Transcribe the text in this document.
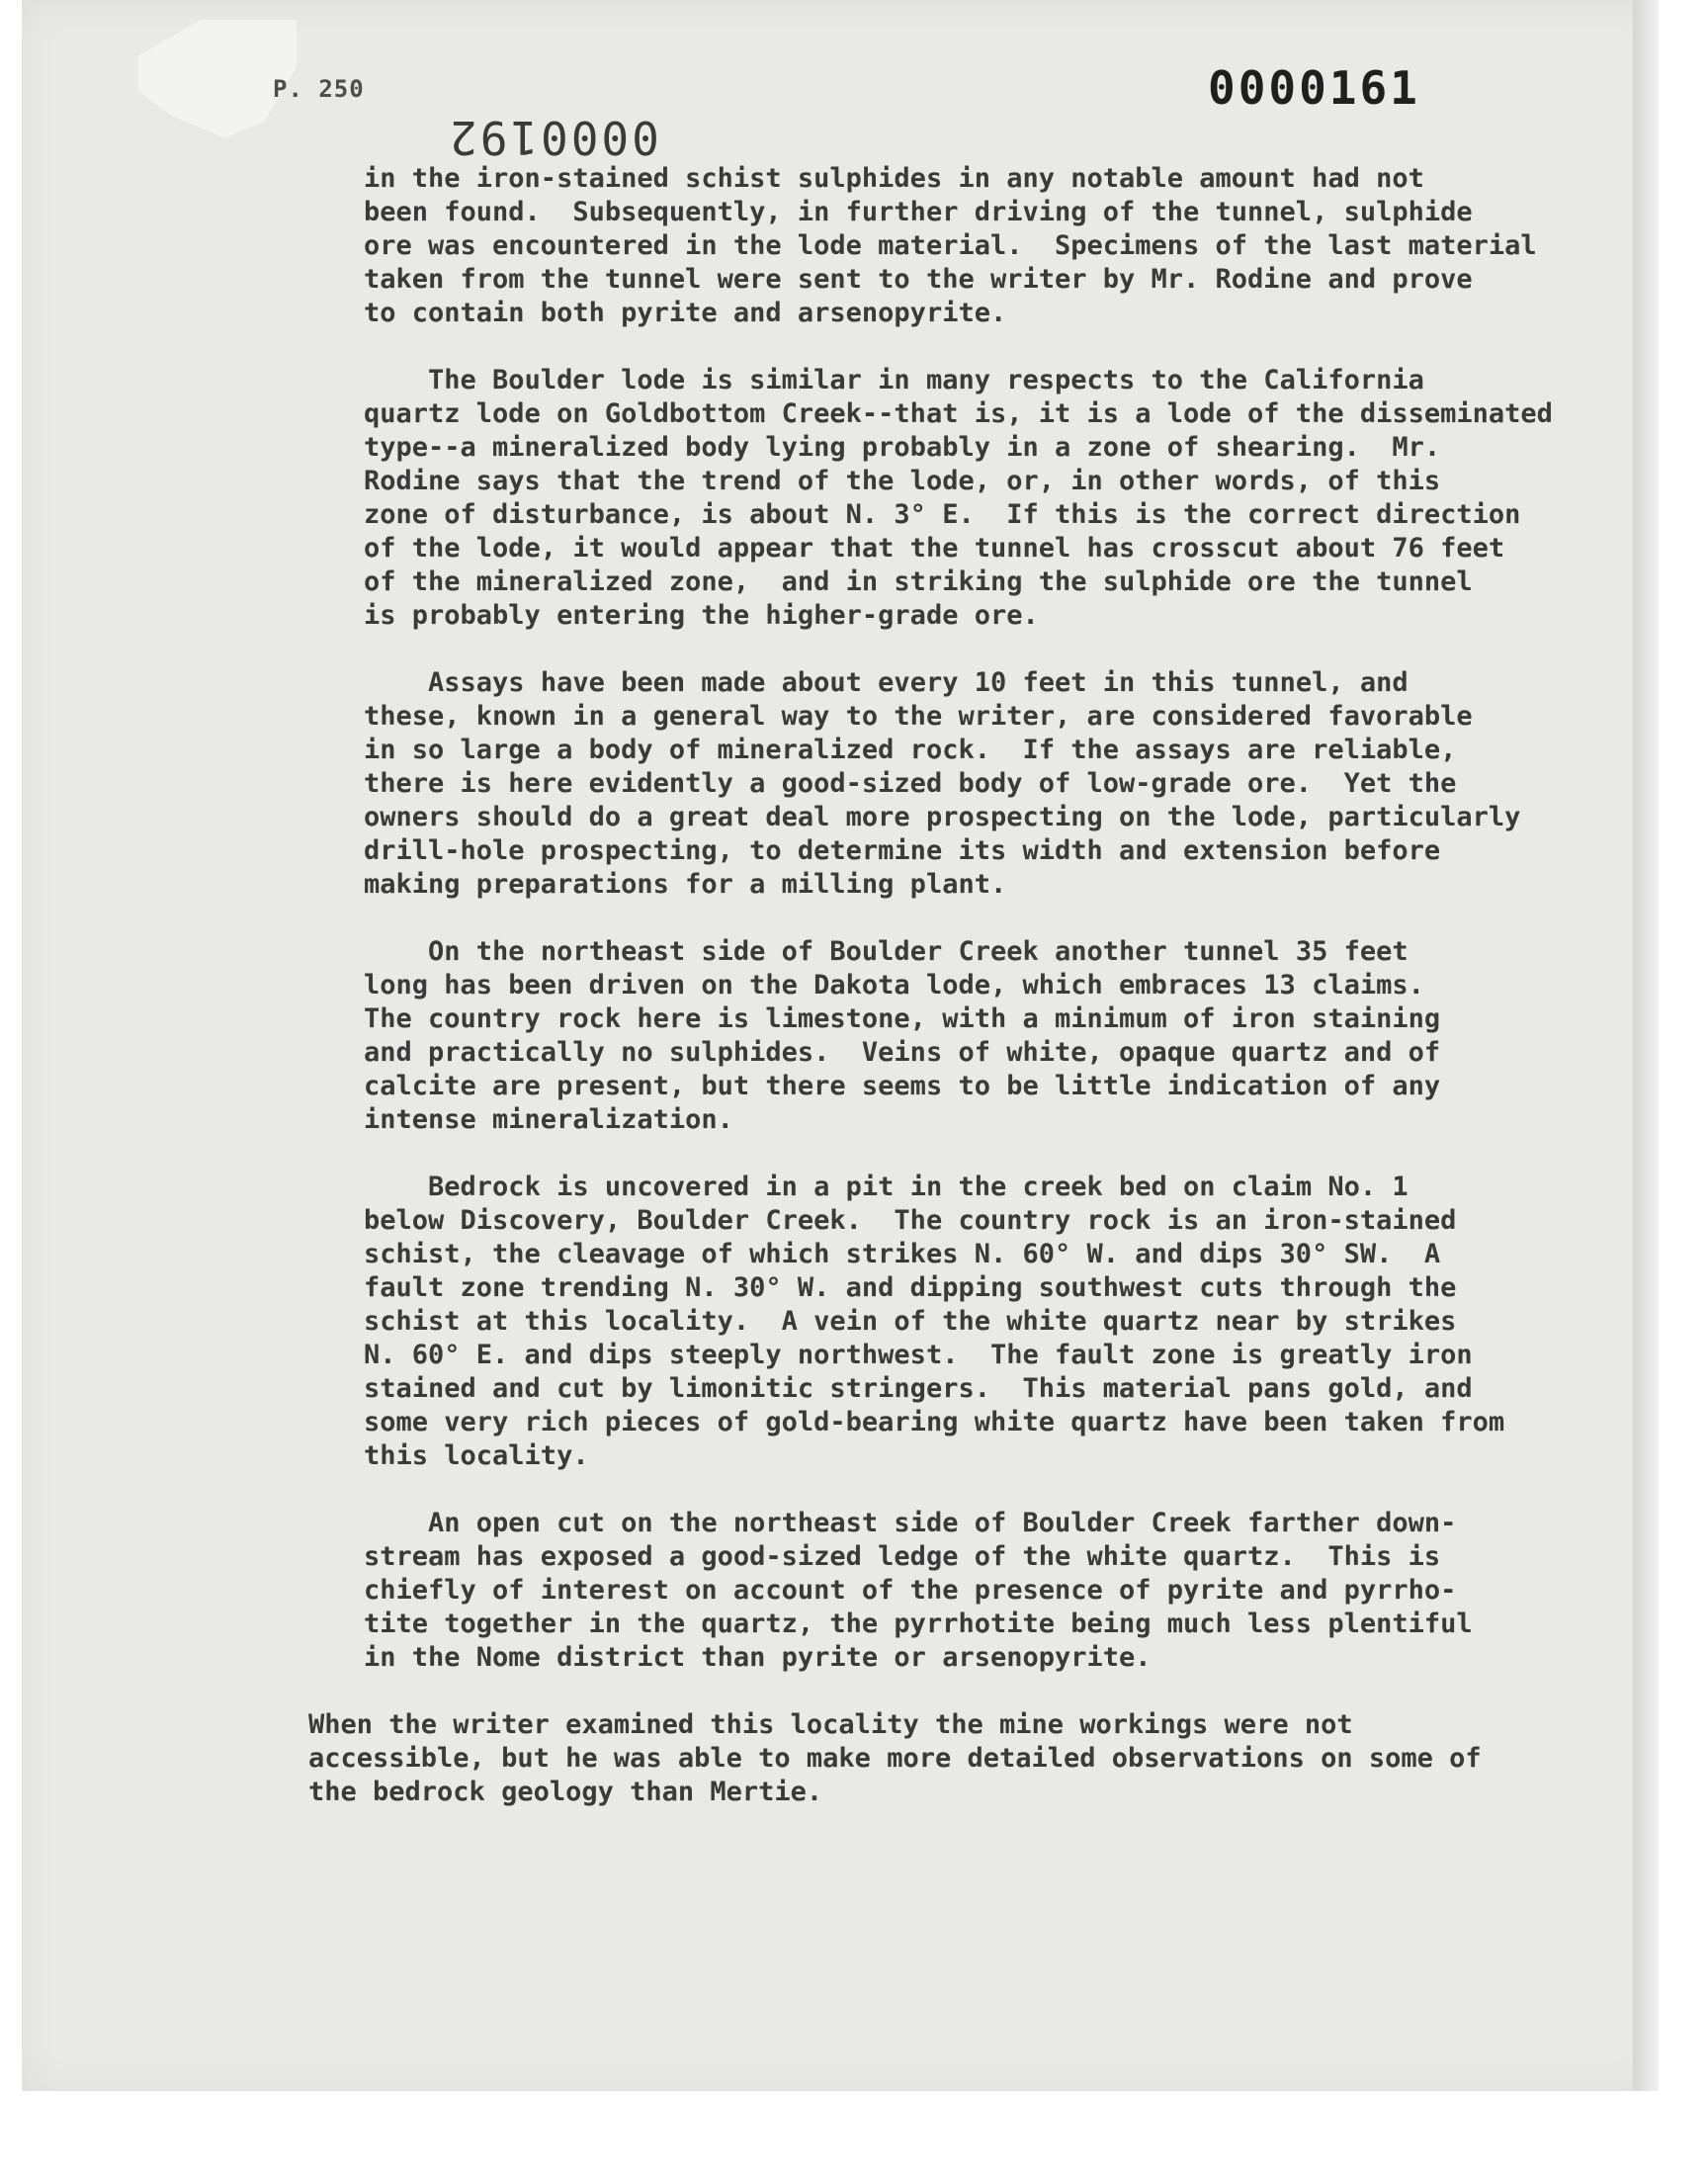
P. 250	0000161
0000192

in the iron-stained schist sulphides in any notable amount had not
been found.  Subsequently, in further driving of the tunnel, sulphide
ore was encountered in the lode material.  Specimens of the last material
taken from the tunnel were sent to the writer by Mr. Rodine and prove
to contain both pyrite and arsenopyrite.

The Boulder lode is similar in many respects to the California
quartz lode on Goldbottom Creek--that is, it is a lode of the disseminated
type--a mineralized body lying probably in a zone of shearing.  Mr.
Rodine says that the trend of the lode, or, in other words, of this
zone of disturbance, is about N. 3° E.  If this is the correct direction
of the lode, it would appear that the tunnel has crosscut about 76 feet
of the mineralized zone,  and in striking the sulphide ore the tunnel
is probably entering the higher-grade ore.

Assays have been made about every 10 feet in this tunnel, and
these, known in a general way to the writer, are considered favorable
in so large a body of mineralized rock.  If the assays are reliable,
there is here evidently a good-sized body of low-grade ore.  Yet the
owners should do a great deal more prospecting on the lode, particularly
drill-hole prospecting, to determine its width and extension before
making preparations for a milling plant.

On the northeast side of Boulder Creek another tunnel 35 feet
long has been driven on the Dakota lode, which embraces 13 claims.
The country rock here is limestone, with a minimum of iron staining
and practically no sulphides.  Veins of white, opaque quartz and of
calcite are present, but there seems to be little indication of any
intense mineralization.

Bedrock is uncovered in a pit in the creek bed on claim No. 1
below Discovery, Boulder Creek.  The country rock is an iron-stained
schist, the cleavage of which strikes N. 60° W. and dips 30° SW.  A
fault zone trending N. 30° W. and dipping southwest cuts through the
schist at this locality.  A vein of the white quartz near by strikes
N. 60° E. and dips steeply northwest.  The fault zone is greatly iron
stained and cut by limonitic stringers.  This material pans gold, and
some very rich pieces of gold-bearing white quartz have been taken from
this locality.

An open cut on the northeast side of Boulder Creek farther down-
stream has exposed a good-sized ledge of the white quartz.  This is
chiefly of interest on account of the presence of pyrite and pyrrho-
tite together in the quartz, the pyrrhotite being much less plentiful
in the Nome district than pyrite or arsenopyrite.

When the writer examined this locality the mine workings were not
accessible, but he was able to make more detailed observations on some of
the bedrock geology than Mertie.
